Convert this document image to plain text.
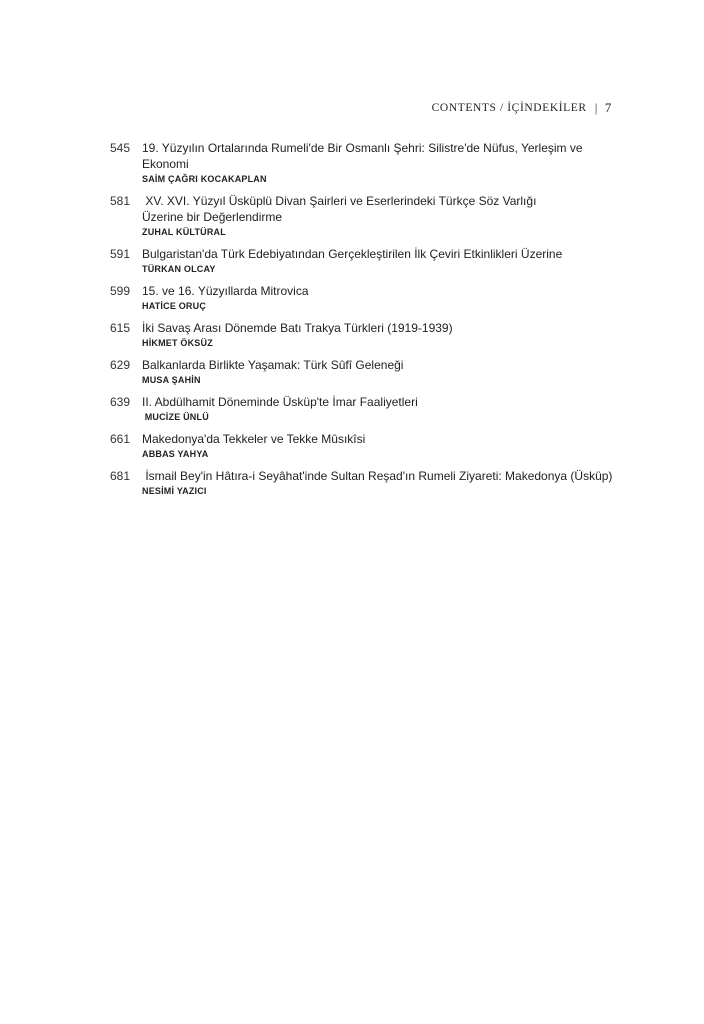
CONTENTS / İÇİNDEKİLER | 7
545 19. Yüzyılın Ortalarında Rumeli'de Bir Osmanlı Şehri: Silistre'de Nüfus, Yerleşim ve Ekonomi
SAİM ÇAĞRI KOCAKAPLAN
581	XV. XVI. Yüzyıl Üsküplü Divan Şairleri ve Eserlerindeki Türkçe Söz Varlığı
Üzerine bir Değerlendirme
ZUHAL KÜLTÜRAL
591 Bulgaristan'da Türk Edebiyatından Gerçekleştirilen İlk Çeviri Etkinlikleri Üzerine
TÜRKAN OLCAY
599 15. ve 16. Yüzyıllarda Mitrovica
HATİCE ORUÇ
615 İki Savaş Arası Dönemde Batı Trakya Türkleri (1919-1939)
HİKMET ÖKSÜZ
629 Balkanlarda Birlikte Yaşamak: Türk Sûfî Geleneği
MUSA ŞAHİN
639 II. Abdülhamit Döneminde Üsküp'te İmar Faaliyetleri
MUCİZE ÜNLÜ
661 Makedonya'da Tekkeler ve Tekke Mûsıkîsi
ABBAS YAHYA
681 İsmail Bey'in Hâtıra-i Seyâhat'inde Sultan Reşad'ın Rumeli Ziyareti: Makedonya (Üsküp)
NESİMİ YAZICI
